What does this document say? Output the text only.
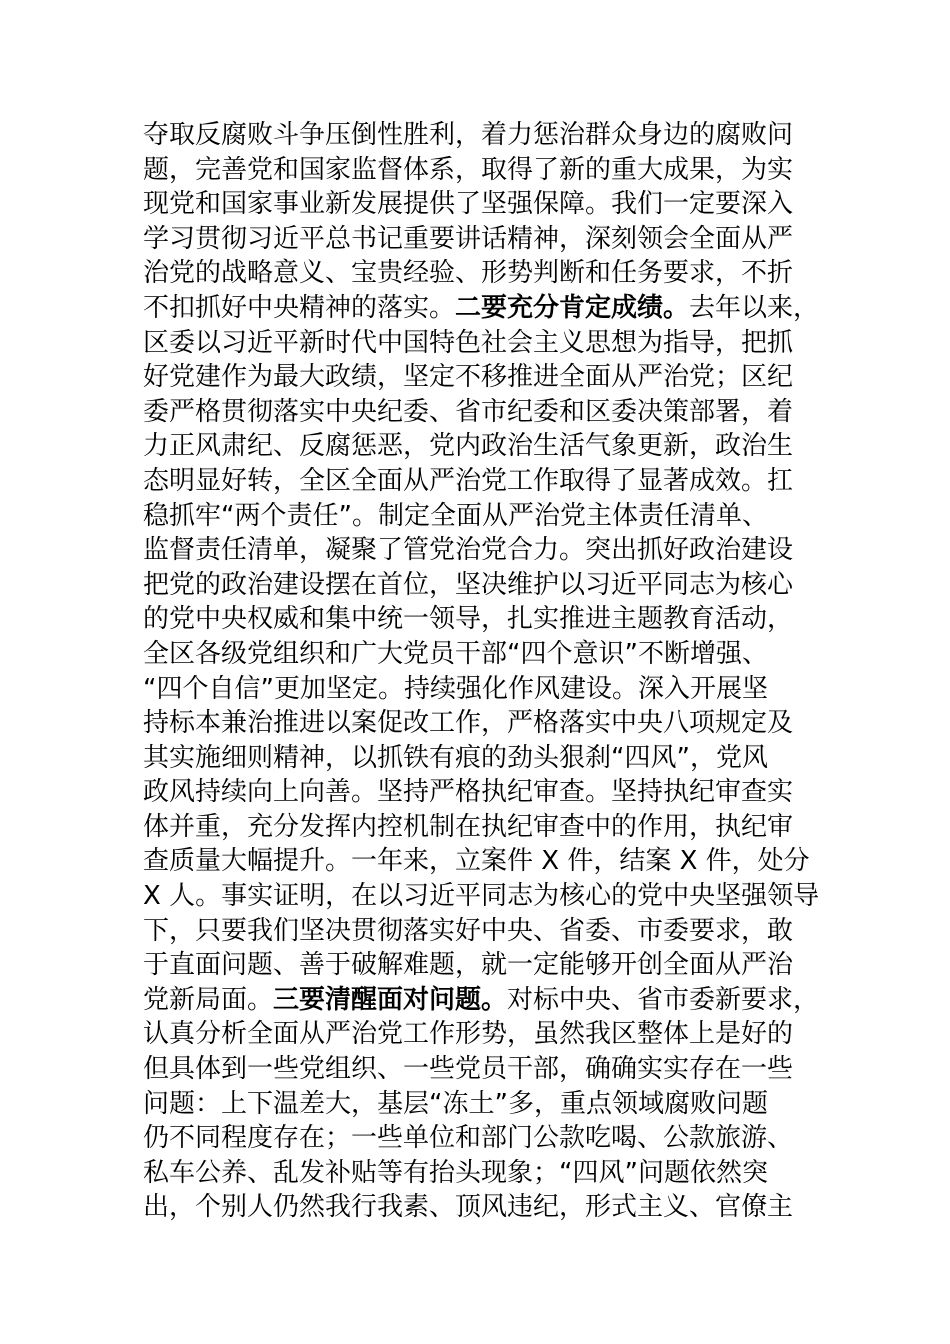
夺取反腐败斗争压倒性胜利，着力惩治群众身边的腐败问
题，完善党和国家监督体系，取得了新的重大成果，为实
现党和国家事业新发展提供了坚强保障。我们一定要深入
学习贯彻习近平总书记重要讲话精神，深刻领会全面从严
治党的战略意义、宝贵经验、形势判断和任务要求，不折
不扣抓好中央精神的落实。二要充分肯定成绩。去年以来，
区委以习近平新时代中国特色社会主义思想为指导，把抓
好党建作为最大政绩，坚定不移推进全面从严治党；区纪
委严格贯彻落实中央纪委、省市纪委和区委决策部署，着
力正风肃纪、反腐惩恶，党内政治生活气象更新，政治生
态明显好转，全区全面从严治党工作取得了显著成效。扛
稳抓牢“两个责任”。制定全面从严治党主体责任清单、
监督责任清单，凝聚了管党治党合力。突出抓好政治建设
把党的政治建设摆在首位，坚决维护以习近平同志为核心
的党中央权威和集中统一领导，扎实推进主题教育活动，
全区各级党组织和广大党员干部“四个意识”不断增强、
“四个自信”更加坚定。持续强化作风建设。深入开展坚
持标本兼治推进以案促改工作，严格落实中央八项规定及
其实施细则精神，以抓铁有痕的劲头狠刹“四风”，党风
政风持续向上向善。坚持严格执纪审查。坚持执纪审查实
体并重，充分发挥内控机制在执纪审查中的作用，执纪审
查质量大幅提升。一年来，立案件 X 件，结案 X 件，处分
X 人。事实证明，在以习近平同志为核心的党中央坚强领导
下，只要我们坚决贯彻落实好中央、省委、市委要求，敢
于直面问题、善于破解难题，就一定能够开创全面从严治
党新局面。三要清醒面对问题。对标中央、省市委新要求，
认真分析全面从严治党工作形势，虽然我区整体上是好的
但具体到一些党组织、一些党员干部，确确实实存在一些
问题：上下温差大，基层“冻土”多，重点领域腐败问题
仍不同程度存在；一些单位和部门公款吃喝、公款旅游、
私车公养、乱发补贴等有抬头现象；“四风”问题依然突
出，个别人仍然我行我素、顶风违纪，形式主义、官僚主
